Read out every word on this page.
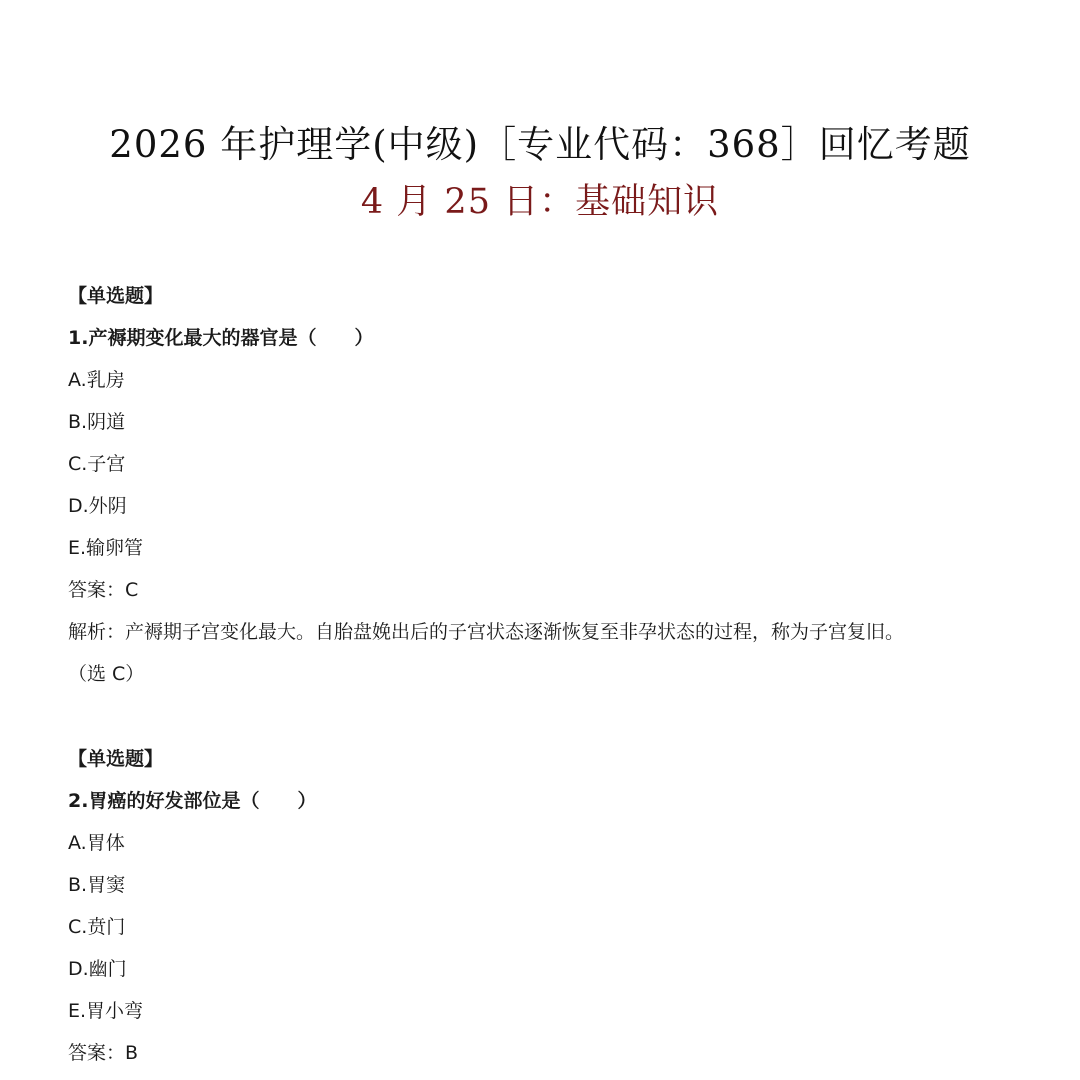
2026 年护理学(中级)［专业代码：368］回忆考题
4 月 25 日：基础知识
【单选题】
1.产褥期变化最大的器官是（　　）
A.乳房
B.阴道
C.子宫
D.外阴
E.输卵管
答案：C
解析：产褥期子宫变化最大。自胎盘娩出后的子宫状态逐渐恢复至非孕状态的过程，称为子宫复旧。
（选 C）
【单选题】
2.胃癌的好发部位是（　　）
A.胃体
B.胃窦
C.贲门
D.幽门
E.胃小弯
答案：B
